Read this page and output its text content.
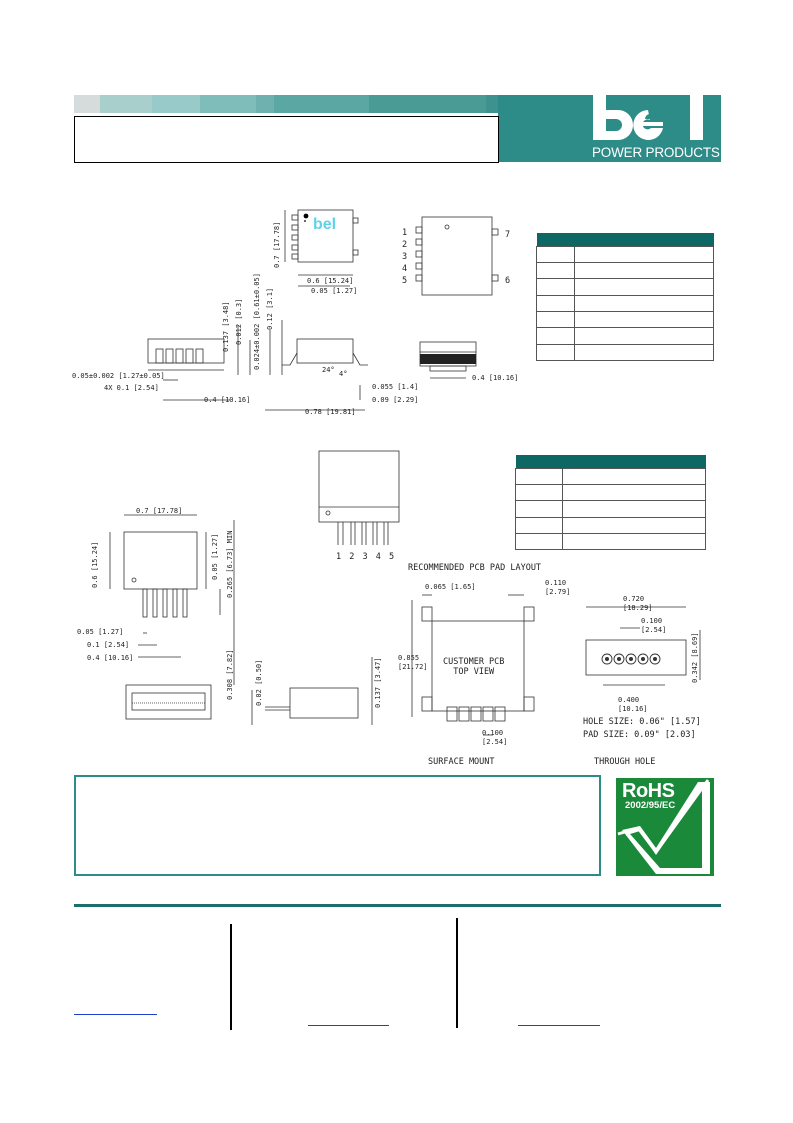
POWER PRODUCTS
bel	1
2
3
4
5
7
6
0.7 [17.78]
0.6 [15.24]
0.05 [1.27]
0.137 [3.48] 0.012 [0.3] 0.024±0.002 [0.61±0.05] 0.12 [3.1]
0.05±0.002 [1.27±0.05]
4X 0.1 [2.54]
0.4 [10.16]
24° 4°
0.055 [1.4]
0.09 [2.29]
0.78 [19.81]
0.4 [10.16]

1 2 3 4 5
RECOMMENDED PCB PAD LAYOUT
CUSTOMER PCB
TOP VIEW
SURFACE MOUNT	THROUGH HOLE
HOLE SIZE: 0.06" [1.57]
PAD SIZE: 0.09" [2.03]
0.7 [17.78]
0.6 [15.24]	0.05 [1.27] 0.265 [6.73] MIN
0.05 [1.27]
0.1 [2.54]
0.4 [10.16]	0.308 [7.82]	0.02 [0.50]	0.137 [3.47]
0.065 [1.65]	0.110 [2.79]
0.855 [21.72]
0.100 [2.54]
0.720 [18.29]
0.100 [2.54]
0.342 [8.69]
0.400 [10.16]

RoHS
2002/95/EC
